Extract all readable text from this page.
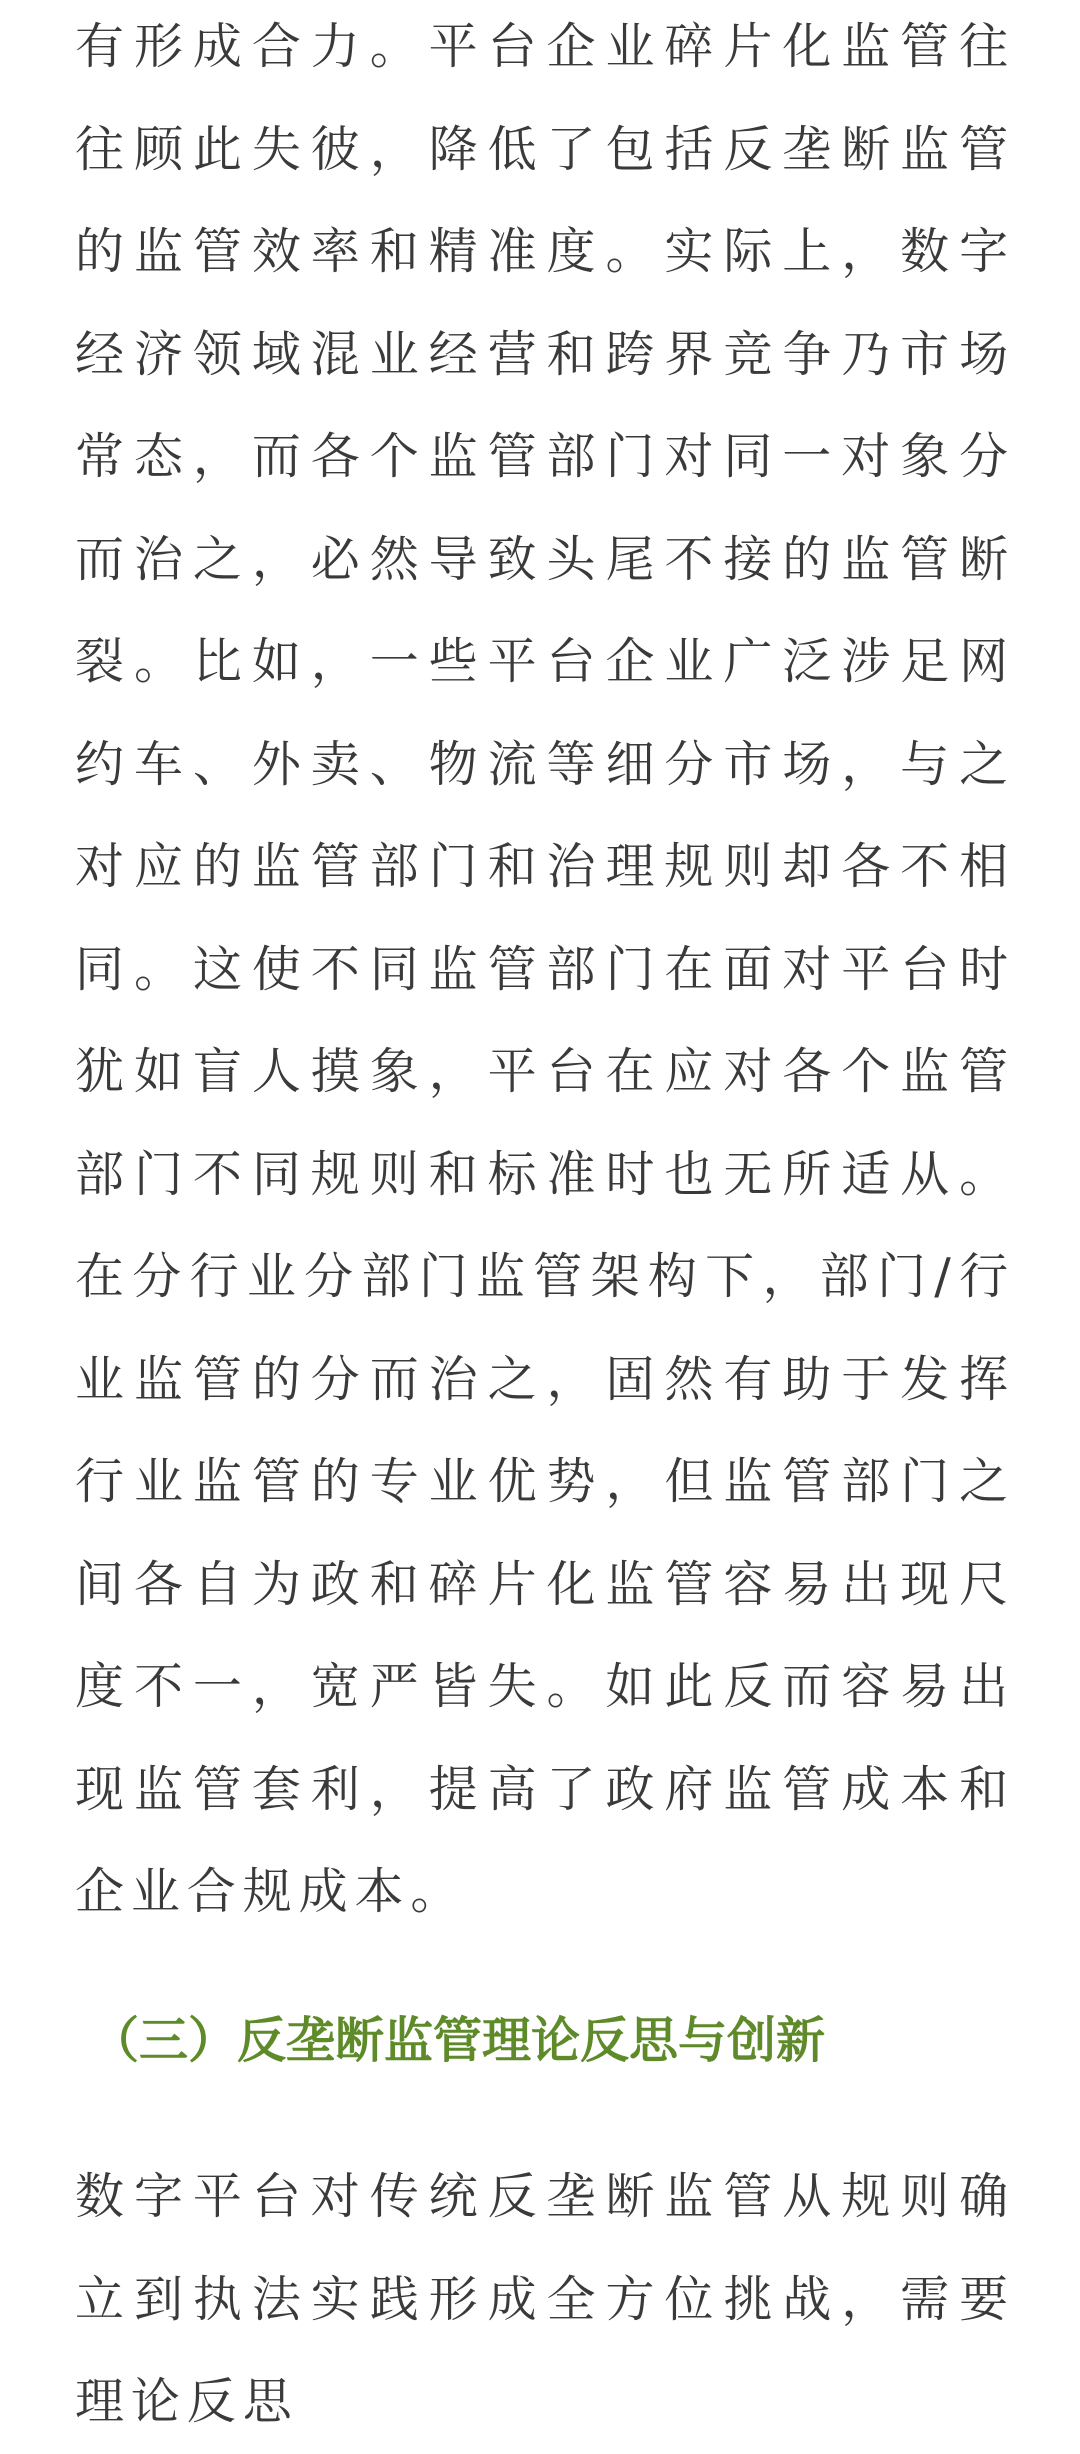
有形成合力。平台企业碎片化监管往往顾此失彼，降低了包括反垄断监管的监管效率和精准度。实际上，数字经济领域混业经营和跨界竞争乃市场常态，而各个监管部门对同一对象分而治之，必然导致头尾不接的监管断裂。比如，一些平台企业广泛涉足网约车、外卖、物流等细分市场，与之对应的监管部门和治理规则却各不相同。这使不同监管部门在面对平台时犹如盲人摸象，平台在应对各个监管部门不同规则和标准时也无所适从。在分行业分部门监管架构下，部门/行业监管的分而治之，固然有助于发挥行业监管的专业优势，但监管部门之间各自为政和碎片化监管容易出现尺度不一，宽严皆失。如此反而容易出现监管套利，提高了政府监管成本和企业合规成本。

（三）反垄断监管理论反思与创新

数字平台对传统反垄断监管从规则确立到执法实践形成全方位挑战，需要理论反思
